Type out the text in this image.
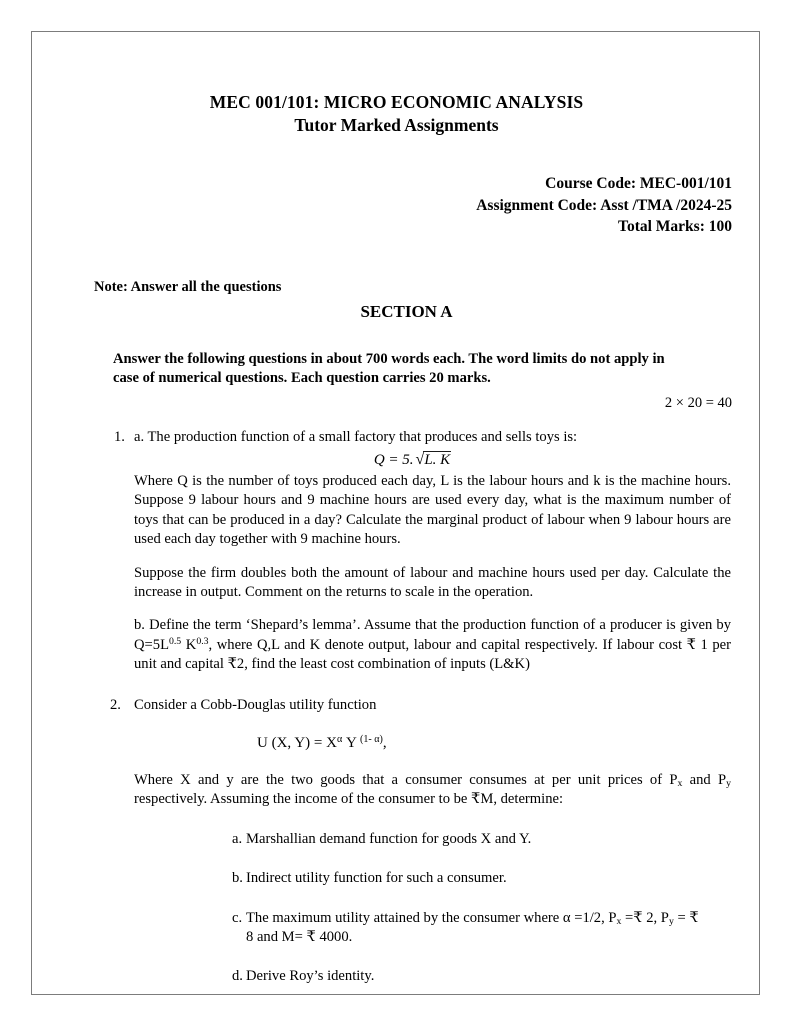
MEC 001/101: MICRO ECONOMIC ANALYSIS
Tutor Marked Assignments
Course Code: MEC-001/101
Assignment Code: Asst /TMA /2024-25
Total Marks: 100
Note: Answer all the questions
SECTION A
Answer the following questions in about 700 words each. The word limits do not apply in case of numerical questions. Each question carries 20 marks.
2 × 20 = 40
1. a. The production function of a small factory that produces and sells toys is:

Q = 5. √L. K

Where Q is the number of toys produced each day, L is the labour hours and k is the machine hours. Suppose 9 labour hours and 9 machine hours are used every day, what is the maximum number of toys that can be produced in a day? Calculate the marginal product of labour when 9 labour hours are used each day together with 9 machine hours.

Suppose the firm doubles both the amount of labour and machine hours used per day. Calculate the increase in output. Comment on the returns to scale in the operation.

b. Define the term ‘Shepard’s lemma’. Assume that the production function of a producer is given by $Q=5L^{0.5}$ $K^{0.3}$, where Q,L and K denote output, labour and capital respectively. If labour cost ₹ 1 per unit and capital ₹2, find the least cost combination of inputs (L&K)

2. Consider a Cobb-Douglas utility function

U (X, $Y) = X^\alpha$ Y $^{(1- \alpha)}$,

Where X and y are the two goods that a consumer consumes at per unit prices of $P_x$ and $P_y$ respectively. Assuming the income of the consumer to be ₹M, determine:

a. Marshallian demand function for goods X and Y.
b. Indirect utility function for such a consumer.
c. The maximum utility attained by the consumer where α =1/2, $P_x$ =₹ 2, $P_y$ = ₹ 8 and M= ₹ 4000.
d. Derive Roy’s identity.
